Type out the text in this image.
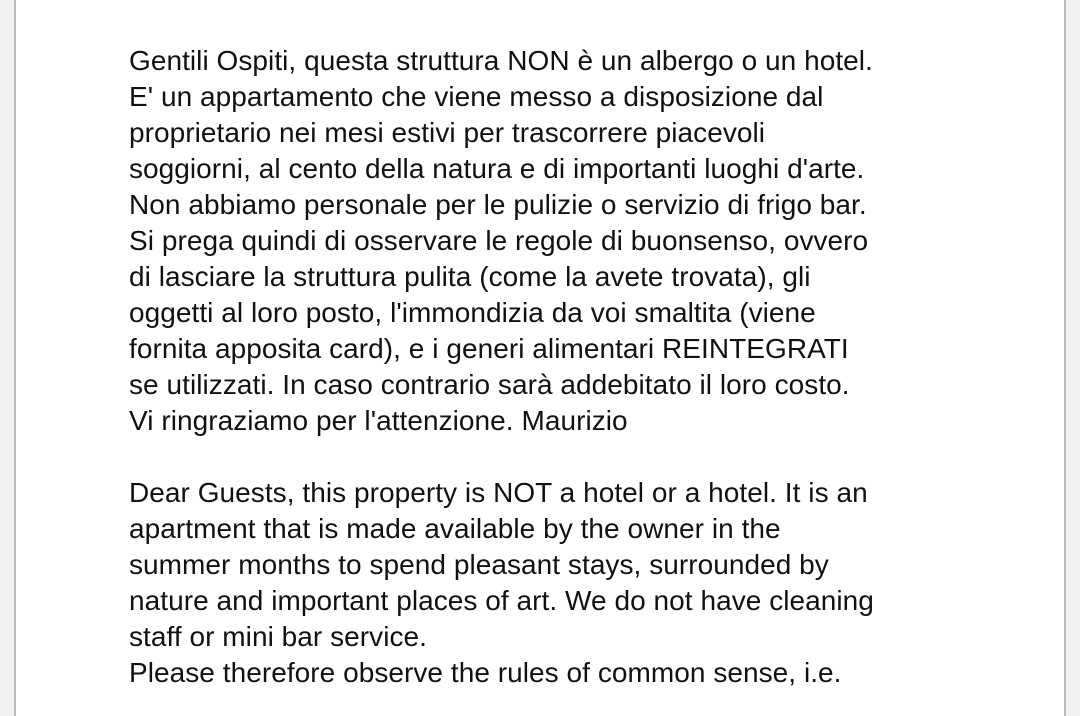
Gentili Ospiti, questa struttura NON è un albergo o un hotel.
E' un appartamento che viene messo a disposizione dal
proprietario nei mesi estivi per trascorrere piacevoli
soggiorni, al cento della natura e di importanti luoghi d'arte.
Non abbiamo personale per le pulizie o servizio di frigo bar.
Si prega quindi di osservare le regole di buonsenso, ovvero
di lasciare la struttura pulita (come la avete trovata), gli
oggetti al loro posto, l'immondizia da voi smaltita (viene
fornita apposita card), e i generi alimentari REINTEGRATI
se utilizzati. In caso contrario sarà addebitato il loro costo.
Vi ringraziamo per l'attenzione. Maurizio
Dear Guests, this property is NOT a hotel or a hotel. It is an
apartment that is made available by the owner in the
summer months to spend pleasant stays, surrounded by
nature and important places of art. We do not have cleaning
staff or mini bar service.
Please therefore observe the rules of common sense, i.e.
